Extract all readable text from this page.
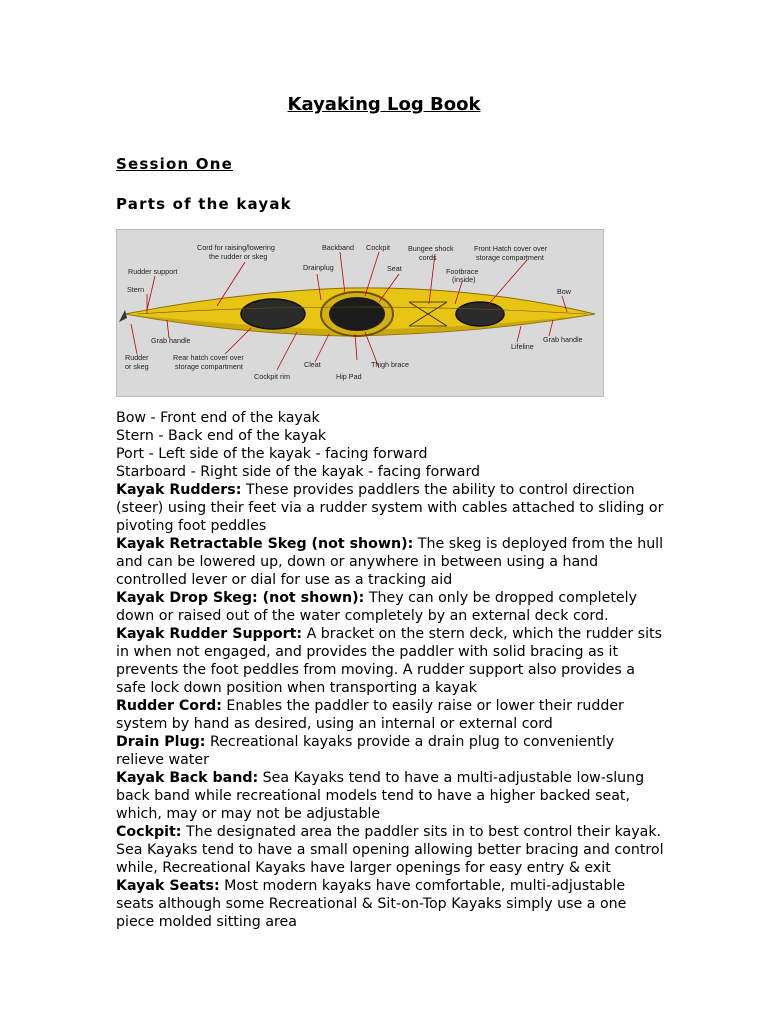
Kayaking Log Book
Session One
Parts of the kayak
Cord for raising/lowering the rudder or skeg
Backband Cockpit	Bungee shock cords
Front Hatch cover over storage compartment
Rudder support	Drainplug	Seat	Footbrace (inside)
Stern	Bow
Grab handle	Grab handle
Rudder or skeg
Rear hatch cover over storage compartment	Cleat	Thigh brace
Lifeline
Cockpit rim	Hip Pad

Bow - Front end of the kayak

Stern - Back end of the kayak

Port - Left side of the kayak - facing forward

Starboard - Right side of the kayak - facing forward

Kayak Rudders: These provides paddlers the ability to control direction (steer) using their feet via a rudder system with cables attached to sliding or pivoting foot peddles

Kayak Retractable Skeg (not shown): The skeg is deployed from the hull and can be lowered up, down or anywhere in between using a hand controlled lever or dial for use as a tracking aid

Kayak Drop Skeg: (not shown): They can only be dropped completely down or raised out of the water completely by an external deck cord.

Kayak Rudder Support: A bracket on the stern deck, which the rudder sits in when not engaged, and provides the paddler with solid bracing as it prevents the foot peddles from moving. A rudder support also provides a safe lock down position when transporting a kayak

Rudder Cord: Enables the paddler to easily raise or lower their rudder system by hand as desired, using an internal or external cord

Drain Plug: Recreational kayaks provide a drain plug to conveniently relieve water

Kayak Back band: Sea Kayaks tend to have a multi-adjustable low-slung back band while recreational models tend to have a higher backed seat, which, may or may not be adjustable

Cockpit: The designated area the paddler sits in to best control their kayak. Sea Kayaks tend to have a small opening allowing better bracing and control while, Recreational Kayaks have larger openings for easy entry & exit

Kayak Seats: Most modern kayaks have comfortable, multi-adjustable seats although some Recreational & Sit-on-Top Kayaks simply use a one piece molded sitting area
